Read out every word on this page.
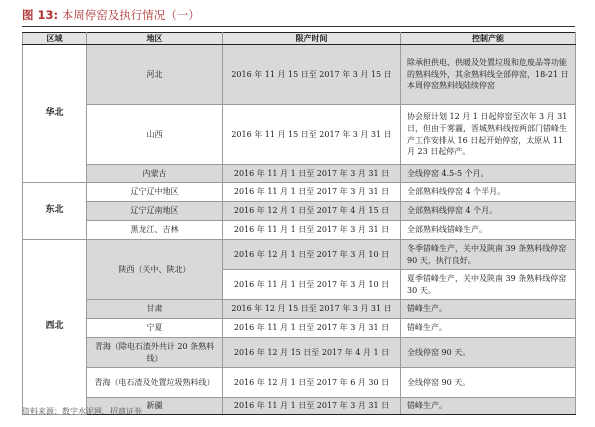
图 13: 本周停窑及执行情况（一）
区域	地区	限产时间	控制产能
华北	河北	2016 年 11 月 15 日至 2017 年 3 月 15 日	除承担供电、供暖及处置垃圾和危废品等功能的熟料线外，其余熟料线全部停窑，18-21 日本周停窑熟料线陆续停窑
	山西	2016 年 11 月 15 日至 2017 年 3 月 31 日	协会原计划 12 月 1 日起停窑至次年 3 月 31 日，但由于雾霾，晋城熟料线按两部门错峰生产工作安排从 16 日起开始停窑，太原从 11 月 23 日起停产。
	内蒙古	2016 年 11 月 1 日至 2017 年 3 月 31 日	全线停窑 4.5-5 个月。
东北	辽宁辽中地区	2016 年 11 月 1 日至 2017 年 3 月 31 日	全部熟料线停窑 4 个半月。
	辽宁辽南地区	2016 年 12 月 1 日至 2017 年 4 月 15 日	全部熟料线停窑 4 个月。
	黑龙江、吉林	2016 年 11 月 1 日至 2017 年 3 月 31 日	全部熟料线错峰生产。
西北	陕西（关中、陕北）	2016 年 12 月 1 日至 2017 年 3 月 10 日	冬季错峰生产，关中及陕南 39 条熟料线停窑 90 天，执行良好。
		2016 年 11 月 1 日至 2017 年 3 月 10 日	夏季错峰生产，关中及陕南 39 条熟料线停窑 30 天。
	甘肃	2016 年 12 月 15 日至 2017 年 3 月 31 日	错峰生产。
	宁夏	2016 年 11 月 1 日至 2017 年 3 月 31 日	错峰生产。
	青海（除电石渣外共计 20 条熟料线）	2016 年 12 月 15 日至 2017 年 4 月 1 日	全线停窑 90 天。
	青海（电石渣及处置垃圾熟料线）	2016 年 12 月 1 日至 2017 年 6 月 30 日	全线停窑 90 天。
	新疆	2016 年 11 月 1 日至 2017 年 3 月 31 日	错峰生产。
资料来源：数字水泥网、招商证券
